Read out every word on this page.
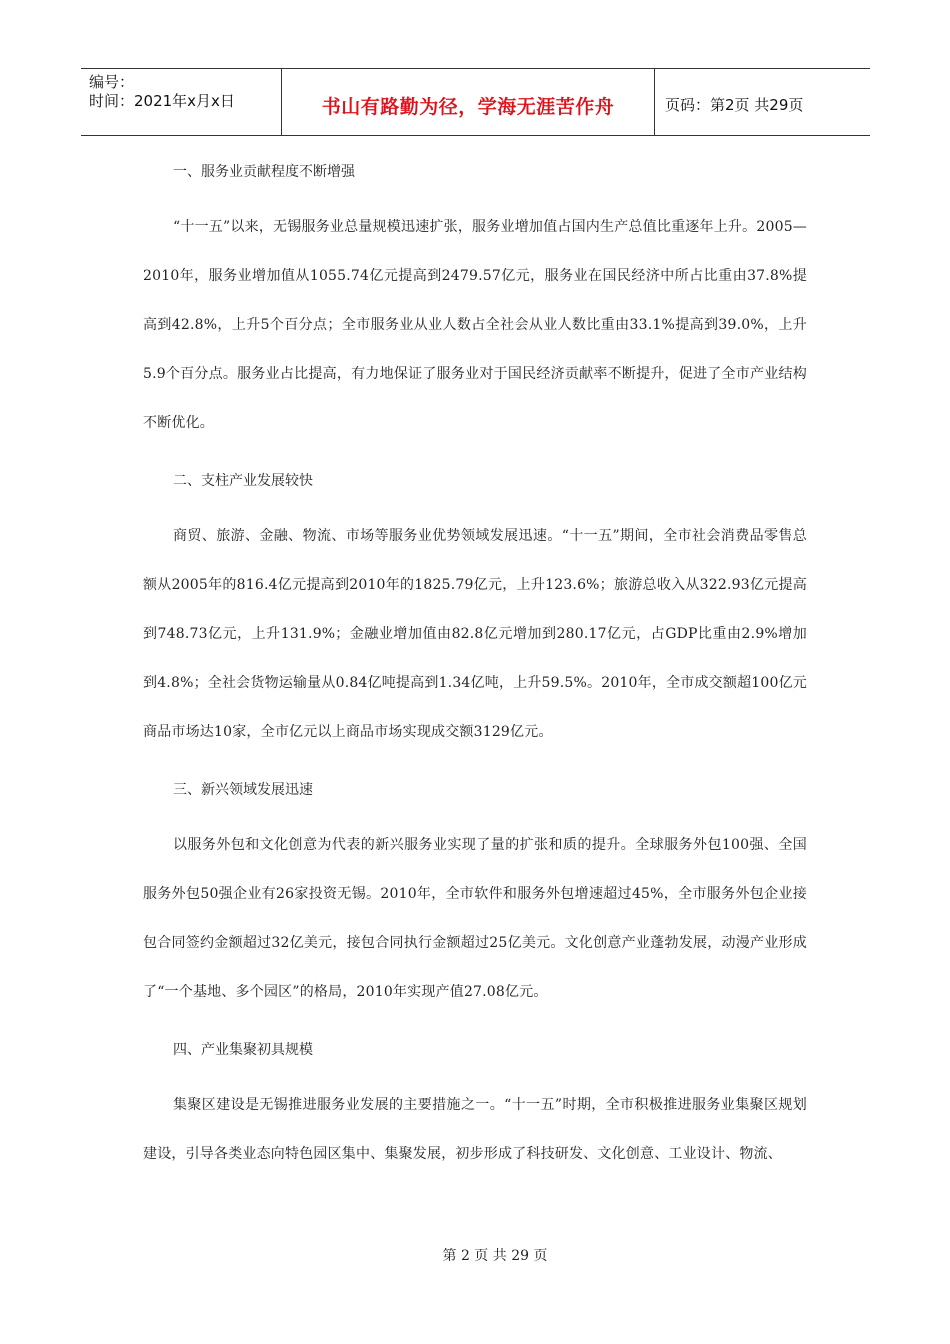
编号：
时间：2021年x月x日	书山有路勤为径，学海无涯苦作舟	页码：第2页 共29页

一、服务业贡献程度不断增强

“十一五”以来，无锡服务业总量规模迅速扩张，服务业增加值占国内生产总值比重逐年上升。2005—2010年，服务业增加值从1055.74亿元提高到2479.57亿元，服务业在国民经济中所占比重由37.8%提高到42.8%，上升5个百分点；全市服务业从业人数占全社会从业人数比重由33.1%提高到39.0%，上升5.9个百分点。服务业占比提高，有力地保证了服务业对于国民经济贡献率不断提升，促进了全市产业结构不断优化。

二、支柱产业发展较快

商贸、旅游、金融、物流、市场等服务业优势领域发展迅速。“十一五”期间，全市社会消费品零售总额从2005年的816.4亿元提高到2010年的1825.79亿元，上升123.6%；旅游总收入从322.93亿元提高到748.73亿元，上升131.9%；金融业增加值由82.8亿元增加到280.17亿元，占GDP比重由2.9%增加到4.8%；全社会货物运输量从0.84亿吨提高到1.34亿吨，上升59.5%。2010年，全市成交额超100亿元商品市场达10家，全市亿元以上商品市场实现成交额3129亿元。

三、新兴领域发展迅速

以服务外包和文化创意为代表的新兴服务业实现了量的扩张和质的提升。全球服务外包100强、全国服务外包50强企业有26家投资无锡。2010年，全市软件和服务外包增速超过45%，全市服务外包企业接包合同签约金额超过32亿美元，接包合同执行金额超过25亿美元。文化创意产业蓬勃发展，动漫产业形成了“一个基地、多个园区”的格局，2010年实现产值27.08亿元。

四、产业集聚初具规模

集聚区建设是无锡推进服务业发展的主要措施之一。“十一五”时期，全市积极推进服务业集聚区规划建设，引导各类业态向特色园区集中、集聚发展，初步形成了科技研发、文化创意、工业设计、物流、

第 2 页 共 29 页
